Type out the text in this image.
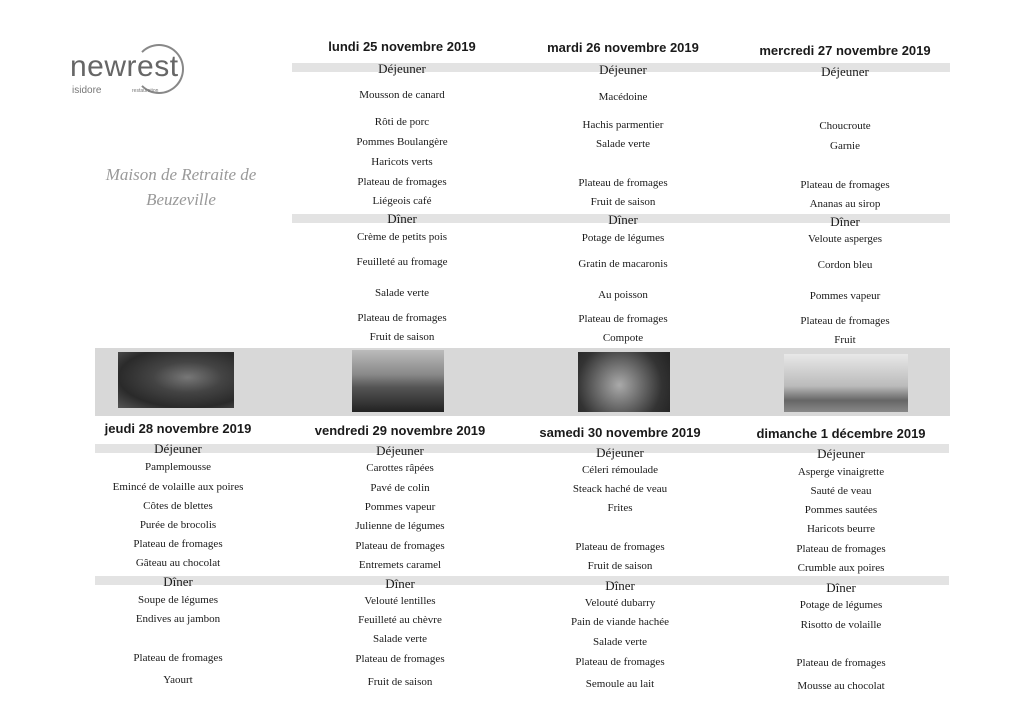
newrest
isidore	restauration
Maison de Retraite de
Beuzeville
lundi 25 novembre 2019
Déjeuner
Mousson de canard
Rôti de porc
Pommes Boulangère
Haricots verts
Plateau de fromages
Liégeois café
Dîner
Crème de petits pois
Feuilleté au fromage
Salade verte
Plateau de fromages
Fruit de saison
mardi 26 novembre 2019
Déjeuner
Macédoine
Hachis parmentier
Salade verte
Plateau de fromages
Fruit de saison
Dîner
Potage de légumes
Gratin de macaronis
Au poisson
Plateau de fromages
Compote
mercredi 27 novembre 2019
Déjeuner
Choucroute
Garnie
Plateau de fromages
Ananas au sirop
Dîner
Veloute asperges
Cordon bleu
Pommes vapeur
Plateau de fromages
Fruit
jeudi 28 novembre 2019
Déjeuner
Pamplemousse
Emincé de volaille aux poires
Côtes de blettes
Purée de brocolis
Plateau de fromages
Gâteau au chocolat
Dîner
Soupe de légumes
Endives au jambon
Plateau de fromages
Yaourt
vendredi 29 novembre 2019
Déjeuner
Carottes râpées
Pavé de colin
Pommes vapeur
Julienne de légumes
Plateau de fromages
Entremets caramel
Dîner
Velouté lentilles
Feuilleté au chèvre
Salade verte
Plateau de fromages
Fruit de saison
samedi 30 novembre 2019
Déjeuner
Céleri rémoulade
Steack haché de veau
Frites
Plateau de fromages
Fruit de saison
Dîner
Velouté dubarry
Pain de viande hachée
Salade verte
Plateau de fromages
Semoule au lait
dimanche 1 décembre 2019
Déjeuner
Asperge vinaigrette
Sauté de veau
Pommes sautées
Haricots beurre
Plateau de fromages
Crumble aux poires
Dîner
Potage de légumes
Risotto de volaille
Plateau de fromages
Mousse au chocolat
